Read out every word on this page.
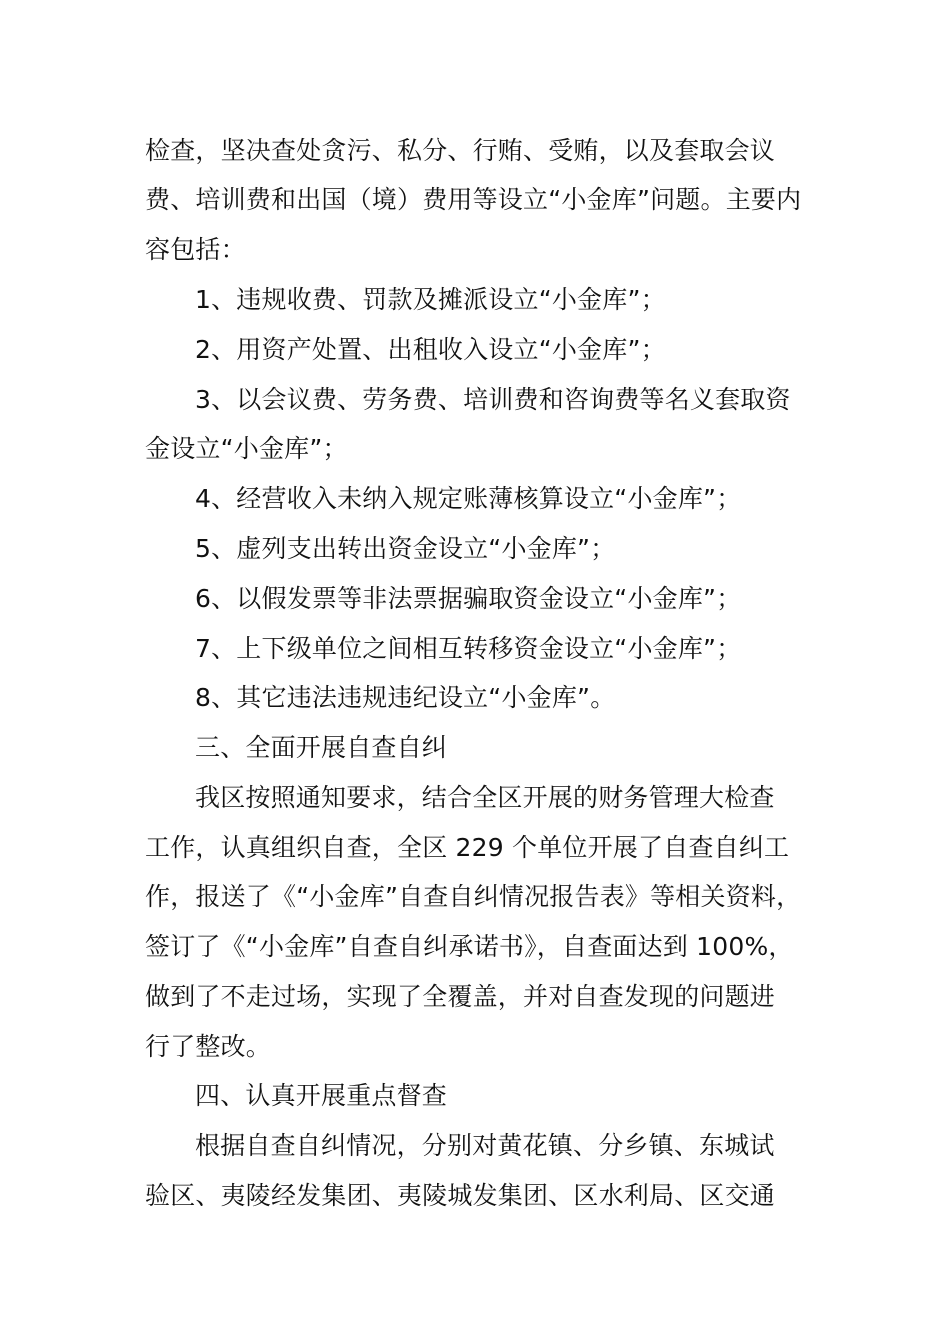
检查，坚决查处贪污、私分、行贿、受贿，以及套取会议
费、培训费和出国（境）费用等设立“小金库”问题。主要内
容包括：
1、违规收费、罚款及摊派设立“小金库”；
2、用资产处置、出租收入设立“小金库”；
3、以会议费、劳务费、培训费和咨询费等名义套取资
金设立“小金库”；
4、经营收入未纳入规定账薄核算设立“小金库”；
5、虚列支出转出资金设立“小金库”；
6、以假发票等非法票据骗取资金设立“小金库”；
7、上下级单位之间相互转移资金设立“小金库”；
8、其它违法违规违纪设立“小金库”。
三、全面开展自查自纠
我区按照通知要求，结合全区开展的财务管理大检查
工作，认真组织自查，全区 229 个单位开展了自查自纠工
作，报送了《“小金库”自查自纠情况报告表》等相关资料，
签订了《“小金库”自查自纠承诺书》，自查面达到 100%，
做到了不走过场，实现了全覆盖，并对自查发现的问题进
行了整改。
四、认真开展重点督查
根据自查自纠情况，分别对黄花镇、分乡镇、东城试
验区、夷陵经发集团、夷陵城发集团、区水利局、区交通
